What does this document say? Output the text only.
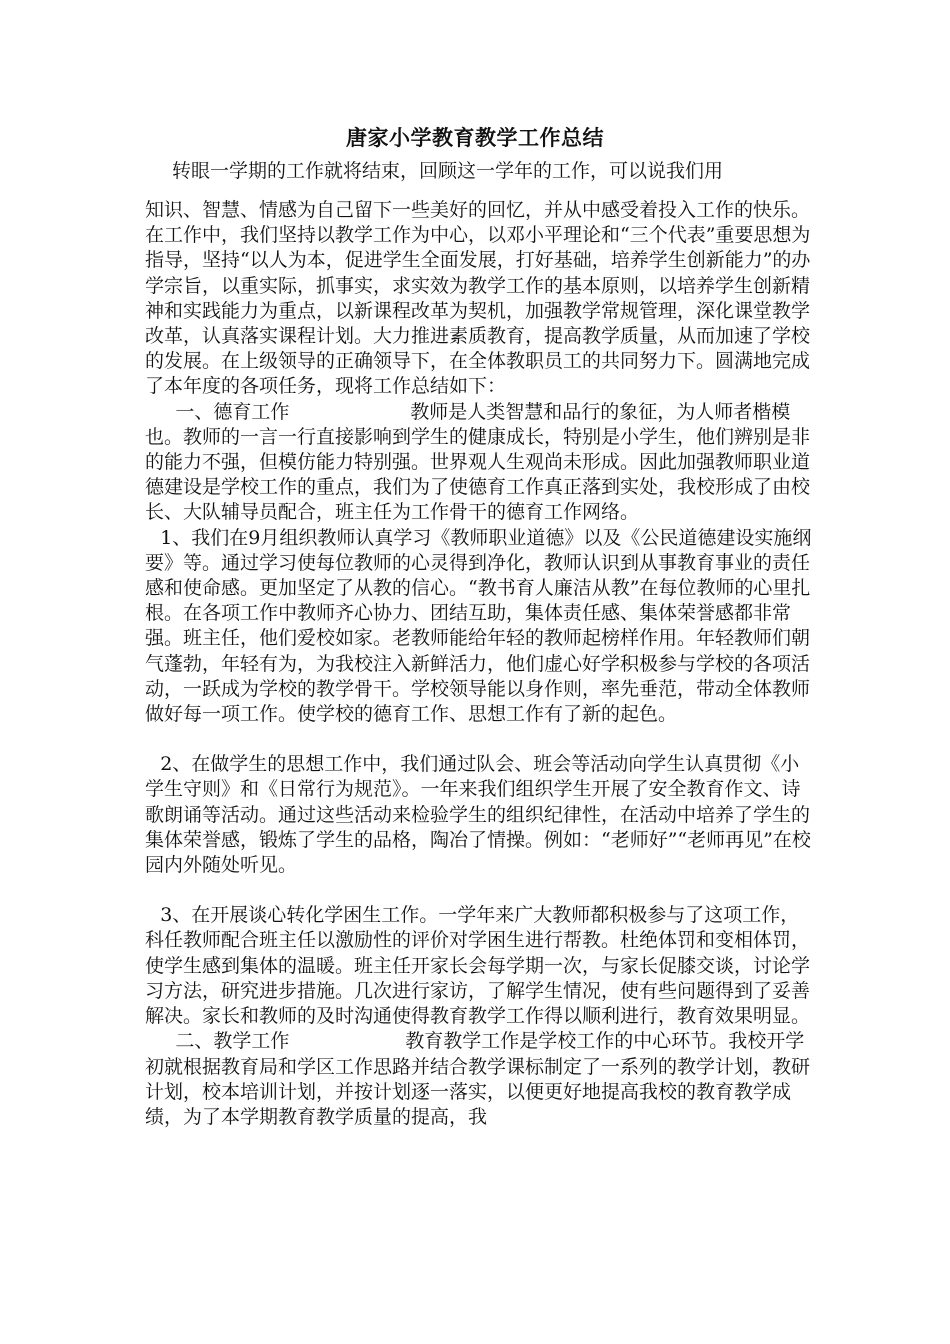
唐家小学教育教学工作总结
转眼一学期的工作就将结束，回顾这一学年的工作，可以说我们用

知识、智慧、情感为自己留下一些美好的回忆，并从中感受着投入工作的快乐。在工作中，我们坚持以教学工作为中心，以邓小平理论和“三个代表”重要思想为指导，坚持“以人为本，促进学生全面发展，打好基础，培养学生创新能力”的办学宗旨，以重实际，抓事实，求实效为教学工作的基本原则，以培养学生创新精神和实践能力为重点，以新课程改革为契机，加强教学常规管理，深化课堂教学改革，认真落实课程计划。大力推进素质教育，提高教学质量，从而加速了学校的发展。在上级领导的正确领导下，在全体教职员工的共同努力下。圆满地完成了本年度的各项任务，现将工作总结如下：

一、德育工作	教师是人类智慧和品行的象征，为人师者楷模也。教师的一言一行直接影响到学生的健康成长，特别是小学生，他们辨别是非的能力不强，但模仿能力特别强。世界观人生观尚未形成。因此加强教师职业道德建设是学校工作的重点，我们为了使德育工作真正落到实处，我校形成了由校长、大队辅导员配合，班主任为工作骨干的德育工作网络。

1、我们在9月组织教师认真学习《教师职业道德》以及《公民道德建设实施纲要》等。通过学习使每位教师的心灵得到净化，教师认识到从事教育事业的责任感和使命感。更加坚定了从教的信心。“教书育人廉洁从教”在每位教师的心里扎根。在各项工作中教师齐心协力、团结互助，集体责任感、集体荣誉感都非常强。班主任，他们爱校如家。老教师能给年轻的教师起榜样作用。年轻教师们朝气蓬勃，年轻有为，为我校注入新鲜活力，他们虚心好学积极参与学校的各项活动，一跃成为学校的教学骨干。学校领导能以身作则，率先垂范，带动全体教师做好每一项工作。使学校的德育工作、思想工作有了新的起色。

2、在做学生的思想工作中，我们通过队会、班会等活动向学生认真贯彻《小学生守则》和《日常行为规范》。一年来我们组织学生开展了安全教育作文、诗歌朗诵等活动。通过这些活动来检验学生的组织纪律性，在活动中培养了学生的集体荣誉感，锻炼了学生的品格，陶冶了情操。例如：“老师好”“老师再见”在校园内外随处听见。

3、在开展谈心转化学困生工作。一学年来广大教师都积极参与了这项工作，科任教师配合班主任以激励性的评价对学困生进行帮教。杜绝体罚和变相体罚，使学生感到集体的温暖。班主任开家长会每学期一次，与家长促膝交谈，讨论学习方法，研究进步措施。几次进行家访，了解学生情况，使有些问题得到了妥善解决。家长和教师的及时沟通使得教育教学工作得以顺利进行，教育效果明显。

二、教学工作	教育教学工作是学校工作的中心环节。我校开学初就根据教育局和学区工作思路并结合教学课标制定了一系列的教学计划，教研计划，校本培训计划，并按计划逐一落实，以便更好地提高我校的教育教学成绩，为了本学期教育教学质量的提高，我
